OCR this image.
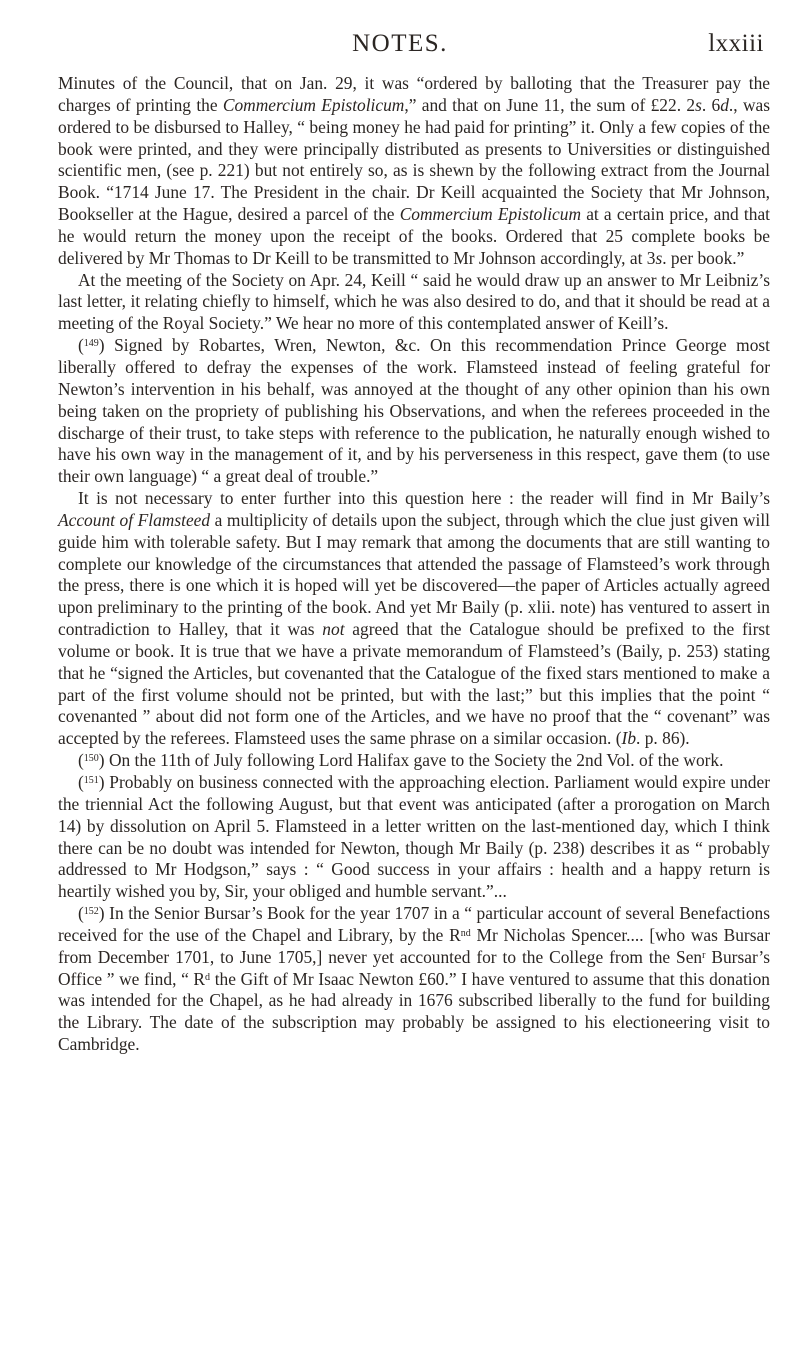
NOTES.	lxxiii

Minutes of the Council, that on Jan. 29, it was “ordered by balloting that the Treasurer pay the charges of printing the Commercium Epistolicum,” and that on June 11, the sum of £22. 2s. 6d., was ordered to be disbursed to Halley, “ being money he had paid for printing” it. Only a few copies of the book were printed, and they were principally distributed as presents to Universities or distinguished scientific men, (see p. 221) but not entirely so, as is shewn by the following extract from the Journal Book. “1714 June 17. The President in the chair. Dr Keill acquainted the Society that Mr Johnson, Bookseller at the Hague, desired a parcel of the Commercium Epistolicum at a certain price, and that he would return the money upon the receipt of the books. Ordered that 25 complete books be delivered by Mr Thomas to Dr Keill to be transmitted to Mr Johnson accordingly, at 3s. per book.”

At the meeting of the Society on Apr. 24, Keill “ said he would draw up an answer to Mr Leibniz’s last letter, it relating chiefly to himself, which he was also desired to do, and that it should be read at a meeting of the Royal Society.” We hear no more of this contemplated answer of Keill’s.

($^{149}$) Signed by Robartes, Wren, Newton, &c. On this recommendation Prince George most liberally offered to defray the expenses of the work. Flamsteed instead of feeling grateful for Newton’s intervention in his behalf, was annoyed at the thought of any other opinion than his own being taken on the propriety of publishing his Observations, and when the referees proceeded in the discharge of their trust, to take steps with reference to the publication, he naturally enough wished to have his own way in the management of it, and by his perverseness in this respect, gave them (to use their own language) “ a great deal of trouble.”

It is not necessary to enter further into this question here : the reader will find in Mr Baily’s Account of Flamsteed a multiplicity of details upon the subject, through which the clue just given will guide him with tolerable safety. But I may remark that among the documents that are still wanting to complete our knowledge of the circumstances that attended the passage of Flamsteed’s work through the press, there is one which it is hoped will yet be discovered—the paper of Articles actually agreed upon preliminary to the printing of the book. And yet Mr Baily (p. xlii. note) has ventured to assert in contradiction to Halley, that it was not agreed that the Catalogue should be prefixed to the first volume or book. It is true that we have a private memorandum of Flamsteed’s (Baily, p. 253) stating that he “signed the Articles, but covenanted that the Catalogue of the fixed stars mentioned to make a part of the first volume should not be printed, but with the last;” but this implies that the point “ covenanted ” about did not form one of the Articles, and we have no proof that the “ covenant” was accepted by the referees. Flamsteed uses the same phrase on a similar occasion. (Ib. p. 86).

($^{150}$) On the 11th of July following Lord Halifax gave to the Society the 2nd Vol. of the work.

($^{151}$) Probably on business connected with the approaching election. Parliament would expire under the triennial Act the following August, but that event was anticipated (after a prorogation on March 14) by dissolution on April 5. Flamsteed in a letter written on the last-mentioned day, which I think there can be no doubt was intended for Newton, though Mr Baily (p. 238) describes it as “ probably addressed to Mr Hodgson,” says : “ Good success in your affairs : health and a happy return is heartily wished you by, Sir, your obliged and humble servant.”...

($^{152}$) In the Senior Bursar’s Book for the year 1707 in a “ particular account of several Benefactions received for the use of the Chapel and Library, by the $R^{nd}$ Mr Nicholas Spencer.... [who was Bursar from December 1701, to June 1705,] never yet accounted for to the College from the Sen$^r$ Bursar’s Office ” we find, “ $R^d$ the Gift of Mr Isaac Newton £60.” I have ventured to assume that this donation was intended for the Chapel, as he had already in 1676 subscribed liberally to the fund for building the Library. The date of the subscription may probably be assigned to his electioneering visit to Cambridge.
